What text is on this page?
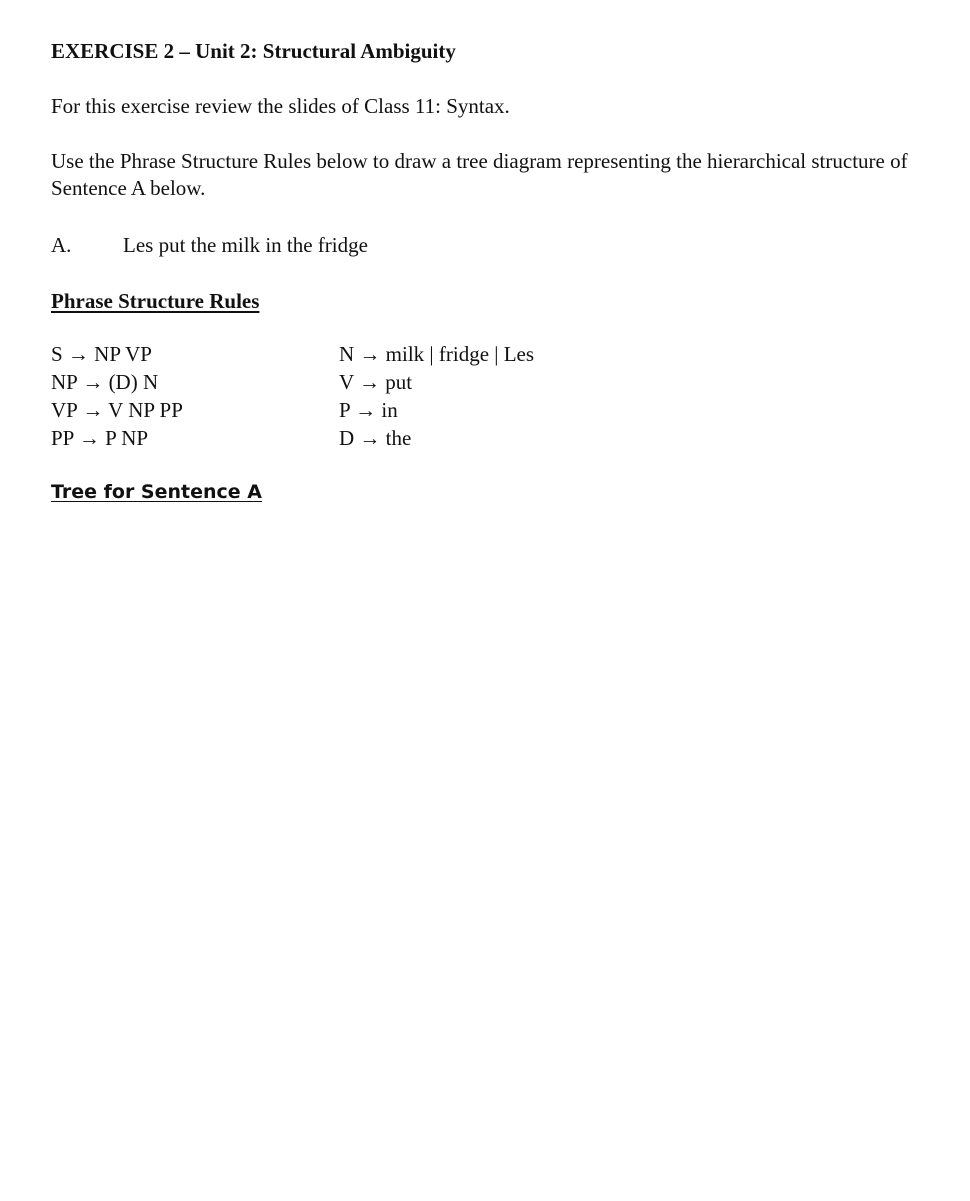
EXERCISE 2 – Unit 2: Structural Ambiguity

For this exercise review the slides of Class 11: Syntax.

Use the Phrase Structure Rules below to draw a tree diagram representing the hierarchical structure of Sentence A below.

A.	Les put the milk in the fridge
Phrase Structure Rules
S → NP VP
NP → (D) N
VP → V NP PP
PP → P NP
N → milk | fridge | Les
V → put
P → in
D → the
Tree for Sentence A
